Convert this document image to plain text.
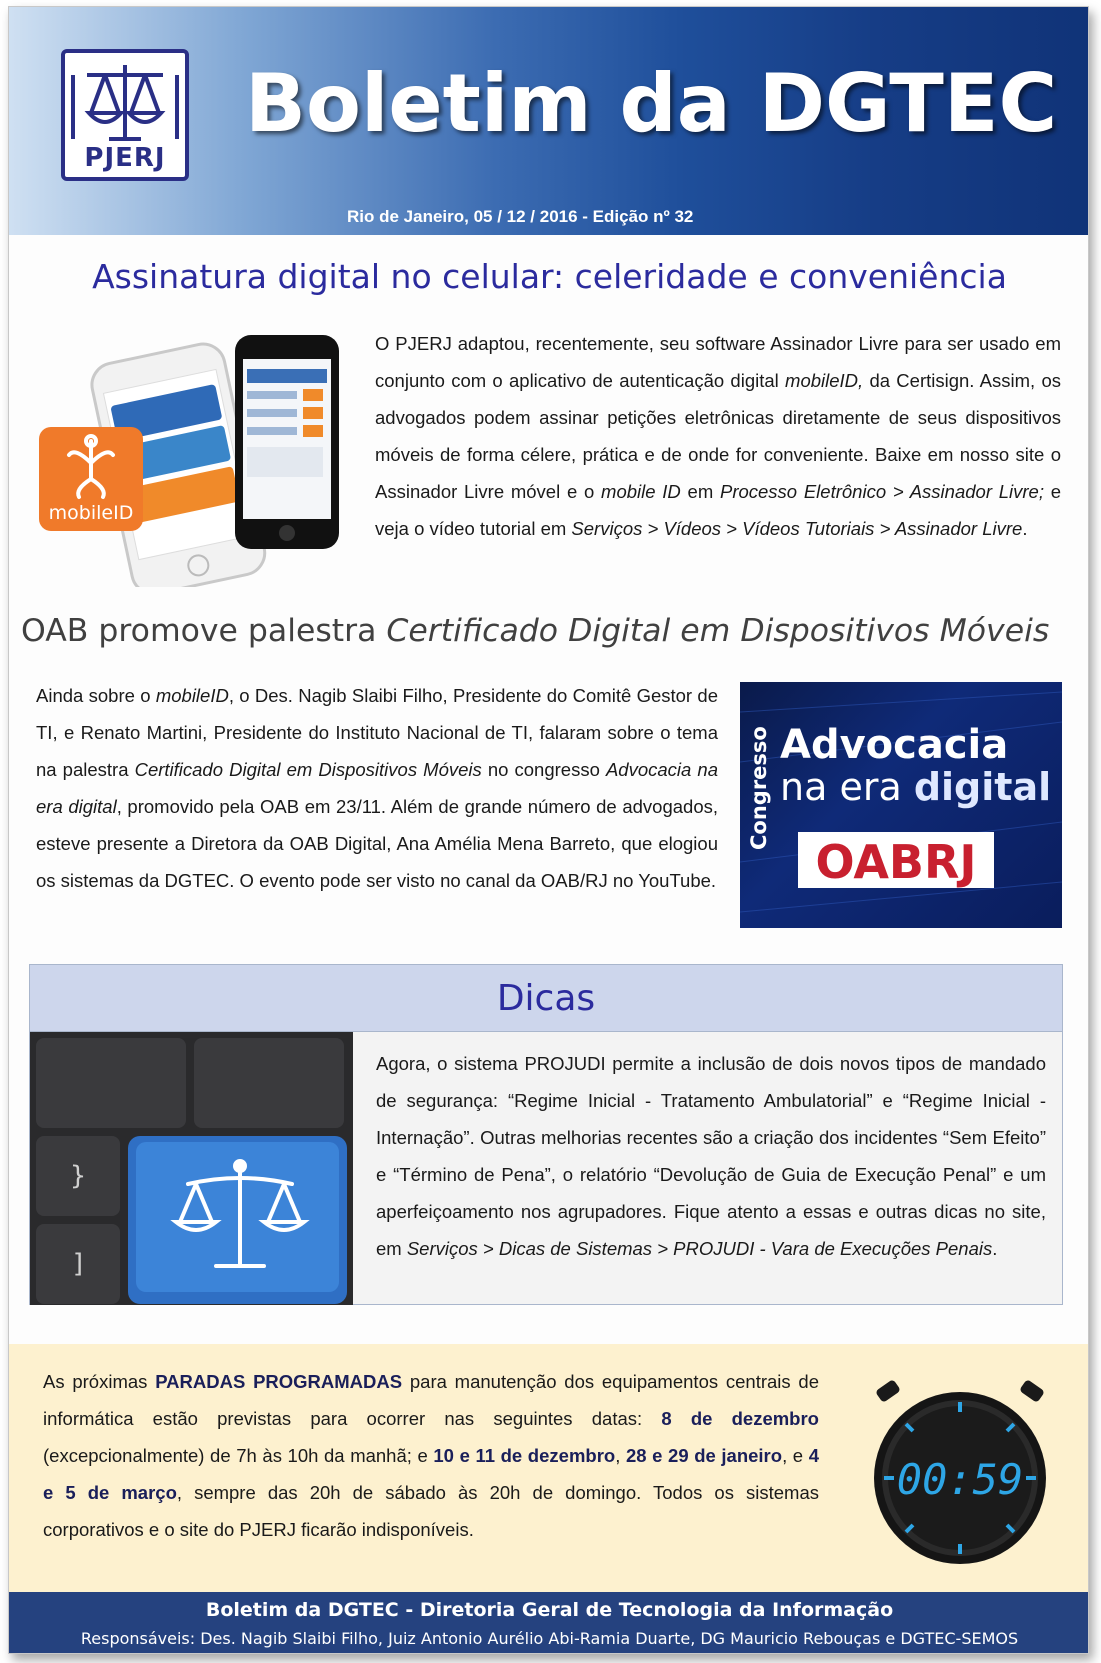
PJERJ
Boletim da DGTEC
Rio de Janeiro, 05 / 12 / 2016 - Edição nº 32
Assinatura digital no celular: celeridade e conveniência
mobileID
O PJERJ adaptou, recentemente, seu software Assinador Livre para ser usado em conjunto com o aplicativo de autenticação digital mobileID, da Certisign. Assim, os advogados podem assinar petições eletrônicas diretamente de seus dispositivos móveis de forma célere, prática e de onde for conveniente. Baixe em nosso site o Assinador Livre móvel e o mobile ID em Processo Eletrônico > Assinador Livre; e veja o vídeo tutorial em Serviços > Vídeos > Vídeos Tutoriais > Assinador Livre.
OAB promove palestra Certificado Digital em Dispositivos Móveis
Ainda sobre o mobileID, o Des. Nagib Slaibi Filho, Presidente do Comitê Gestor de TI, e Renato Martini, Presidente do Instituto Nacional de TI, falaram sobre o tema na palestra Certificado Digital em Dispositivos Móveis no congresso Advocacia na era digital, promovido pela OAB em 23/11. Além de grande número de advogados, esteve presente a Diretora da OAB Digital, Ana Amélia Mena Barreto, que elogiou os sistemas da DGTEC. O evento pode ser visto no canal da OAB/RJ no YouTube.
Congresso Advocacia
na era digital
OABRJ
Dicas
}
]
Agora, o sistema PROJUDI permite a inclusão de dois novos tipos de mandado de segurança: “Regime Inicial - Tratamento Ambulatorial” e “Regime Inicial - Internação”. Outras melhorias recentes são a criação dos incidentes “Sem Efeito” e “Término de Pena”, o relatório “Devolução de Guia de Execução Penal” e um aperfeiçoamento nos agrupadores. Fique atento a essas e outras dicas no site, em Serviços > Dicas de Sistemas > PROJUDI - Vara de Execuções Penais.
As próximas PARADAS PROGRAMADAS para manutenção dos equipamentos centrais de informática estão previstas para ocorrer nas seguintes datas: 8 de dezembro (excepcionalmente) de 7h às 10h da manhã; e 10 e 11 de dezembro, 28 e 29 de janeiro, e 4 e 5 de março, sempre das 20h de sábado às 20h de domingo. Todos os sistemas corporativos e o site do PJERJ ficarão indisponíveis.
00:59
Boletim da DGTEC - Diretoria Geral de Tecnologia da Informação
Responsáveis: Des. Nagib Slaibi Filho, Juiz Antonio Aurélio Abi-Ramia Duarte, DG Mauricio Rebouças e DGTEC-SEMOS
